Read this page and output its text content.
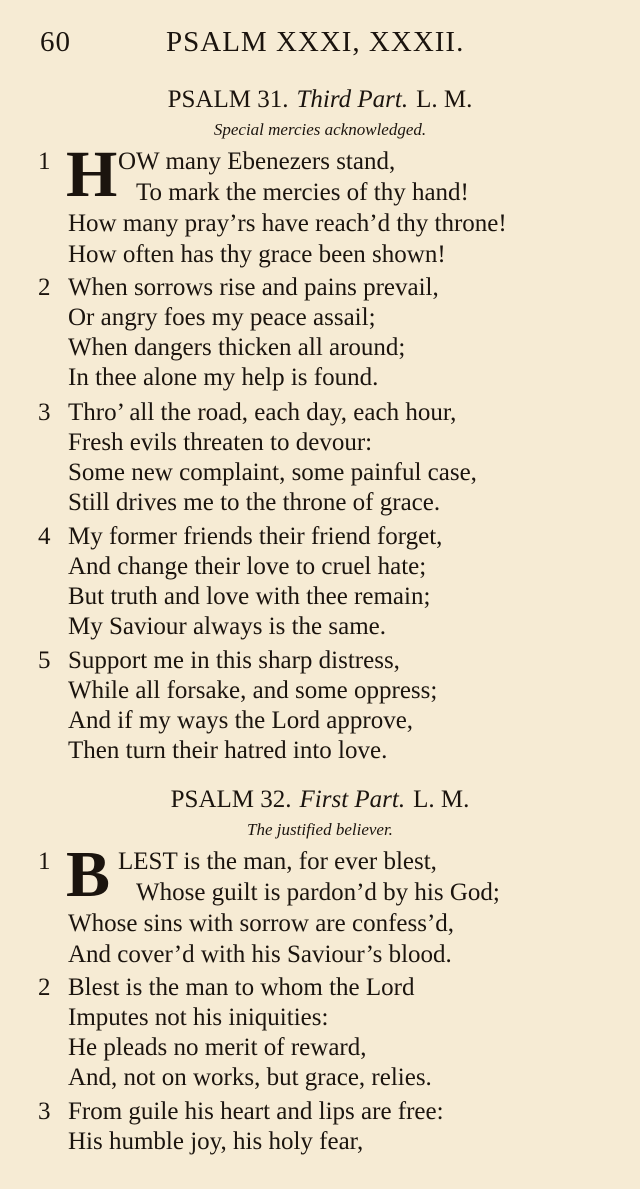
60	PSALM XXXI, XXXII.
PSALM 31. Third Part. L. M.
Special mercies acknowledged.
1 H OW many Ebenezers stand,
To mark the mercies of thy hand!
How many pray’rs have reach’d thy throne!
How often has thy grace been shown!
2 When sorrows rise and pains prevail,
Or angry foes my peace assail;
When dangers thicken all around;
In thee alone my help is found.
3 Thro’ all the road, each day, each hour,
Fresh evils threaten to devour:
Some new complaint, some painful case,
Still drives me to the throne of grace.
4 My former friends their friend forget,
And change their love to cruel hate;
But truth and love with thee remain;
My Saviour always is the same.
5 Support me in this sharp distress,
While all forsake, and some oppress;
And if my ways the Lord approve,
Then turn their hatred into love.
PSALM 32. First Part. L. M.
The justified believer.
1 B LEST is the man, for ever blest,
Whose guilt is pardon’d by his God;
Whose sins with sorrow are confess’d,
And cover’d with his Saviour’s blood.
2 Blest is the man to whom the Lord
Imputes not his iniquities:
He pleads no merit of reward,
And, not on works, but grace, relies.
3 From guile his heart and lips are free:
His humble joy, his holy fear,
